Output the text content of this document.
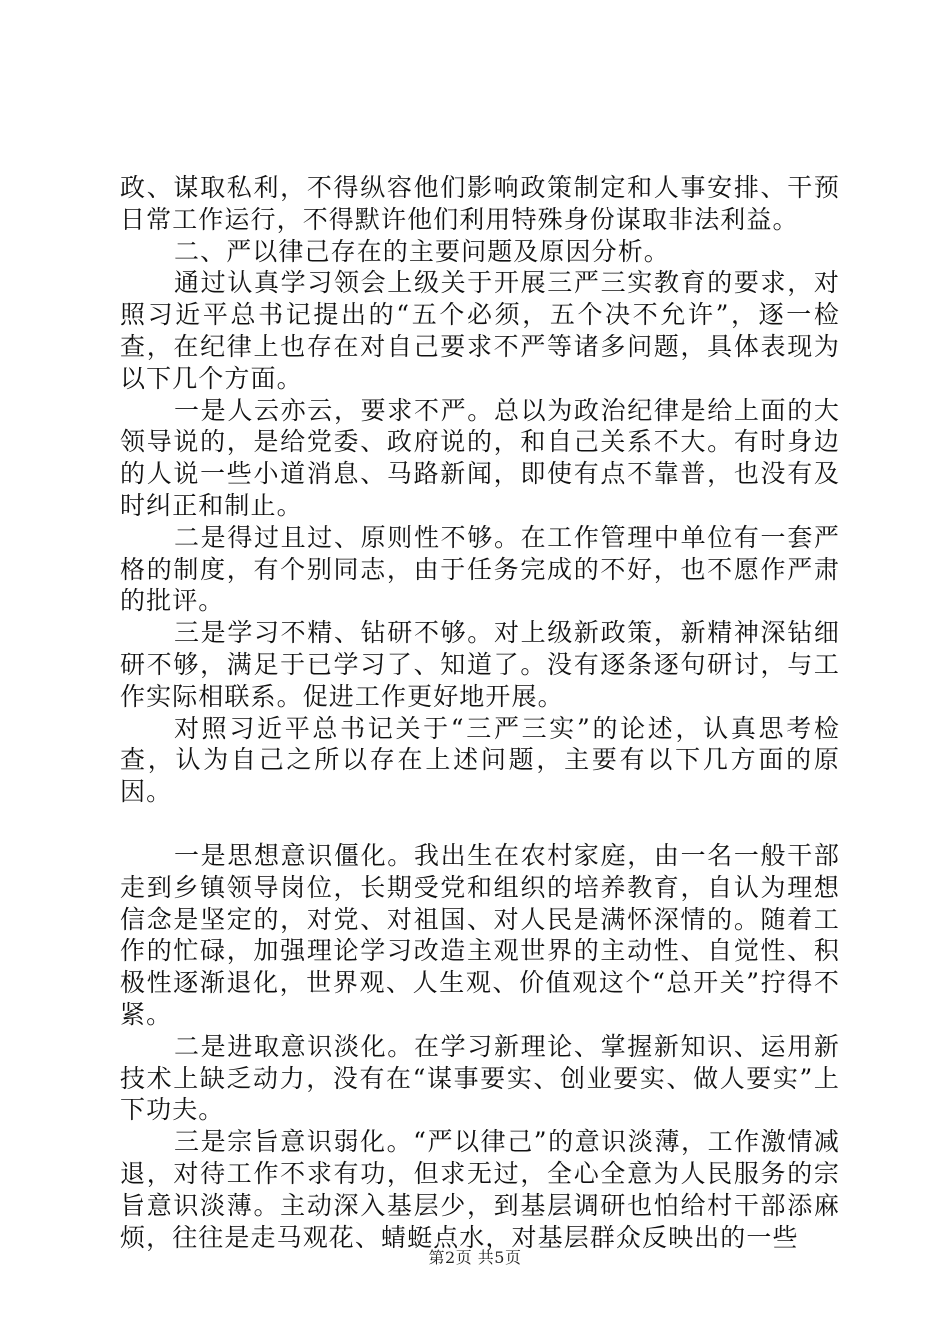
政、谋取私利，不得纵容他们影响政策制定和人事安排、干预日常工作运行，不得默许他们利用特殊身份谋取非法利益。

二、严以律己存在的主要问题及原因分析。

通过认真学习领会上级关于开展三严三实教育的要求，对照习近平总书记提出的“五个必须，五个决不允许”，逐一检查，在纪律上也存在对自己要求不严等诸多问题，具体表现为以下几个方面。

一是人云亦云，要求不严。总以为政治纪律是给上面的大领导说的，是给党委、政府说的，和自己关系不大。有时身边的人说一些小道消息、马路新闻，即使有点不靠普，也没有及时纠正和制止。

二是得过且过、原则性不够。在工作管理中单位有一套严格的制度，有个别同志，由于任务完成的不好，也不愿作严肃的批评。

三是学习不精、钻研不够。对上级新政策，新精神深钻细研不够，满足于已学习了、知道了。没有逐条逐句研讨，与工作实际相联系。促进工作更好地开展。

对照习近平总书记关于“三严三实”的论述，认真思考检查，认为自己之所以存在上述问题，主要有以下几方面的原因。

一是思想意识僵化。我出生在农村家庭，由一名一般干部走到乡镇领导岗位，长期受党和组织的培养教育，自认为理想信念是坚定的，对党、对祖国、对人民是满怀深情的。随着工作的忙碌，加强理论学习改造主观世界的主动性、自觉性、积极性逐渐退化，世界观、人生观、价值观这个“总开关”拧得不紧。

二是进取意识淡化。在学习新理论、掌握新知识、运用新技术上缺乏动力，没有在“谋事要实、创业要实、做人要实”上下功夫。

三是宗旨意识弱化。“严以律己”的意识淡薄，工作激情减退，对待工作不求有功，但求无过，全心全意为人民服务的宗旨意识淡薄。主动深入基层少，到基层调研也怕给村干部添麻烦，往往是走马观花、蜻蜓点水，对基层群众反映出的一些

第2页 共5页
